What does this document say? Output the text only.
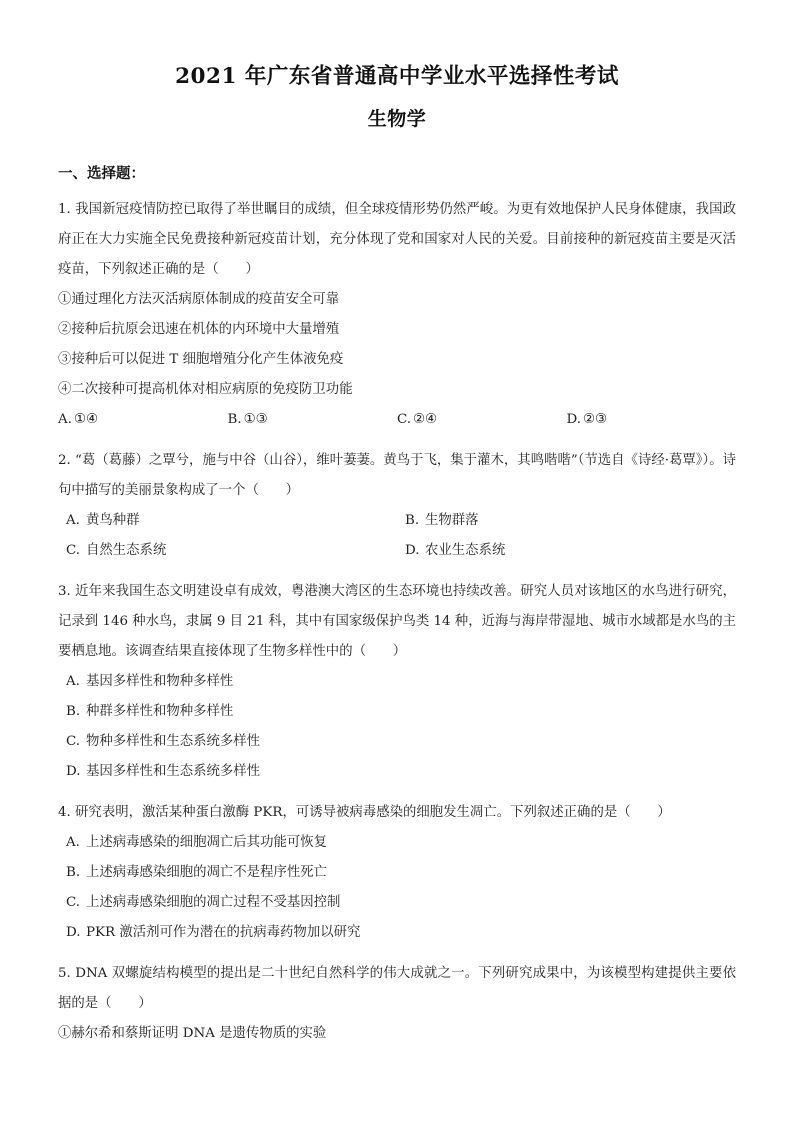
2021 年广东省普通高中学业水平选择性考试
生物学
一、选择题：

1. 我国新冠疫情防控已取得了举世瞩目的成绩，但全球疫情形势仍然严峻。为更有效地保护人民身体健康，我国政府正在大力实施全民免费接种新冠疫苗计划，充分体现了党和国家对人民的关爱。目前接种的新冠疫苗主要是灭活疫苗，下列叙述正确的是（　　）

①通过理化方法灭活病原体制成的疫苗安全可靠

②接种后抗原会迅速在机体的内环境中大量增殖

③接种后可以促进 T 细胞增殖分化产生体液免疫

④二次接种可提高机体对相应病原的免疫防卫功能

A. ①④	B. ①③	C. ②④	D. ②③

2. “葛（葛藤）之覃兮，施与中谷（山谷），维叶萋萋。黄鸟于飞，集于灌木，其鸣喈喈”（节选自《诗经·葛覃》）。诗句中描写的美丽景象构成了一个（　　）

A. 黄鸟种群	B. 生物群落
C. 自然生态系统	D. 农业生态系统

3. 近年来我国生态文明建设卓有成效，粤港澳大湾区的生态环境也持续改善。研究人员对该地区的水鸟进行研究，记录到 146 种水鸟，隶属 9 目 21 科，其中有国家级保护鸟类 14 种，近海与海岸带湿地、城市水域都是水鸟的主要栖息地。该调查结果直接体现了生物多样性中的（　　）

A. 基因多样性和物种多样性
B. 种群多样性和物种多样性
C. 物种多样性和生态系统多样性
D. 基因多样性和生态系统多样性

4. 研究表明，激活某种蛋白激酶 PKR，可诱导被病毒感染的细胞发生凋亡。下列叙述正确的是（　　）

A. 上述病毒感染的细胞凋亡后其功能可恢复
B. 上述病毒感染细胞的凋亡不是程序性死亡
C. 上述病毒感染细胞的凋亡过程不受基因控制
D. PKR 激活剂可作为潜在的抗病毒药物加以研究

5. DNA 双螺旋结构模型的提出是二十世纪自然科学的伟大成就之一。下列研究成果中，为该模型构建提供主要依据的是（　　）

①赫尔希和蔡斯证明 DNA 是遗传物质的实验
